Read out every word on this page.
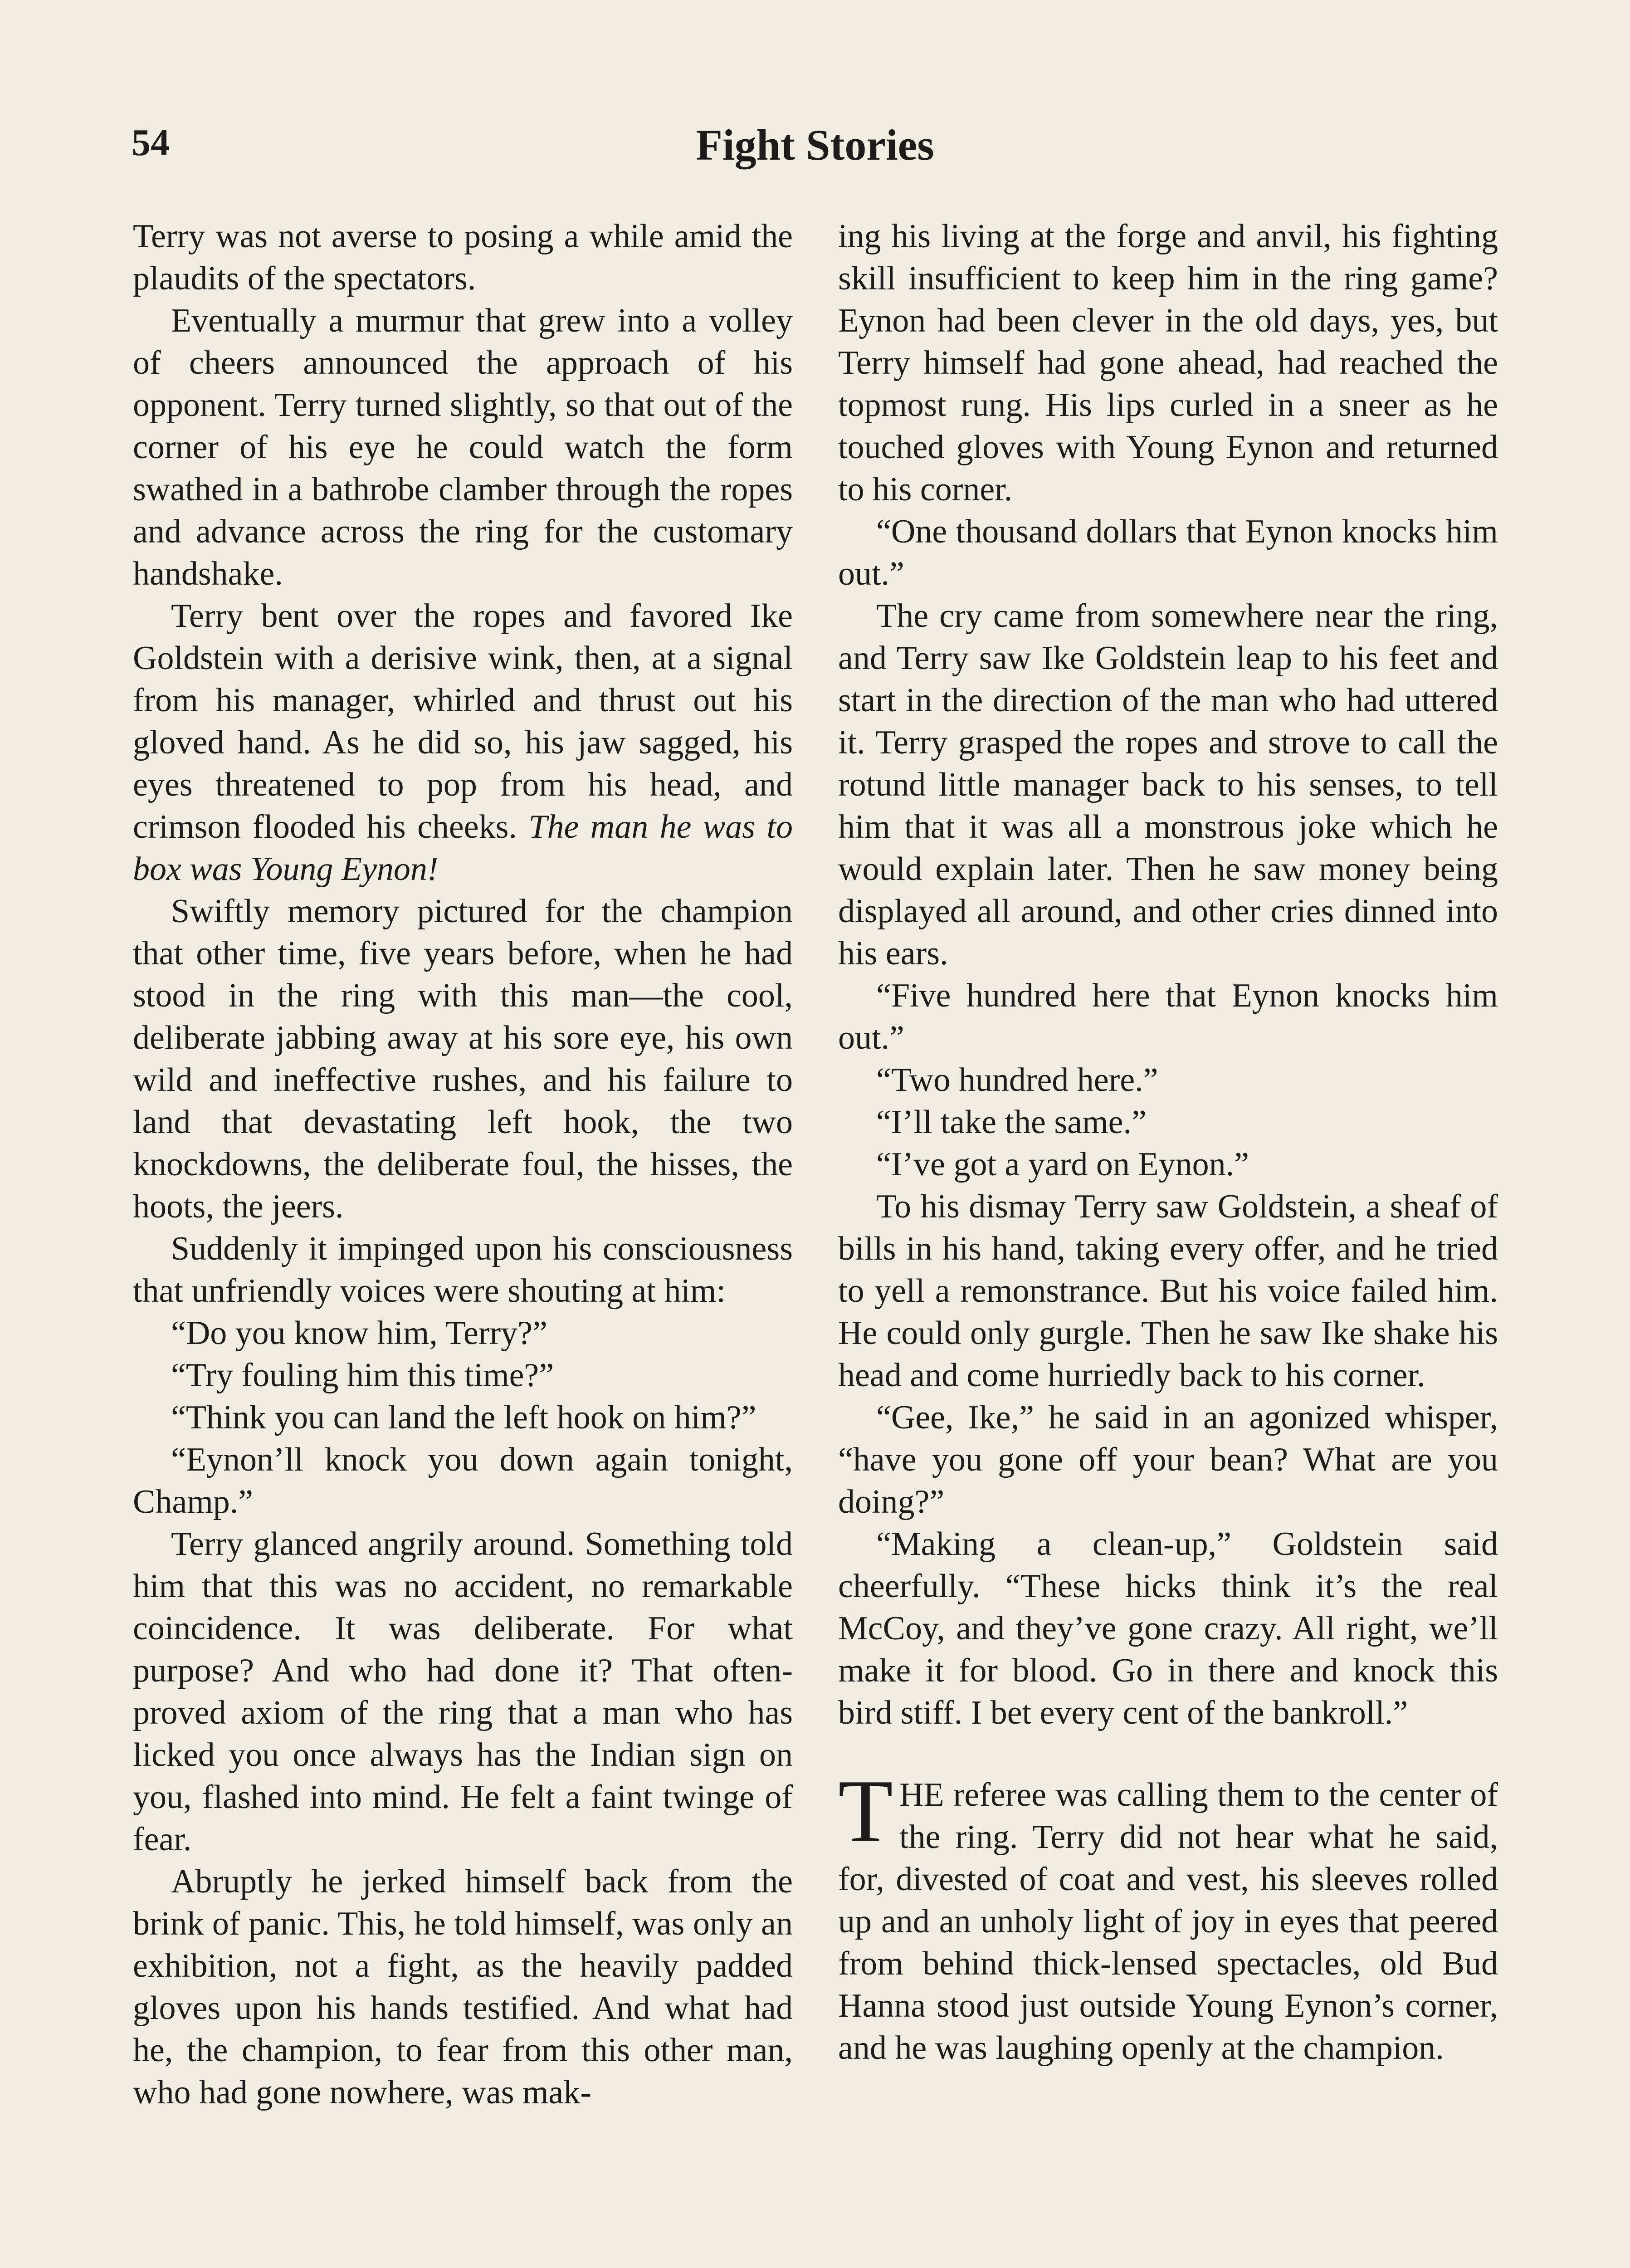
54	Fight Stories

Terry was not averse to posing a while amid the plaudits of the spectators.

Eventually a murmur that grew into a volley of cheers announced the approach of his opponent. Terry turned slightly, so that out of the corner of his eye he could watch the form swathed in a bathrobe clamber through the ropes and advance across the ring for the customary handshake.

Terry bent over the ropes and favored Ike Goldstein with a derisive wink, then, at a signal from his manager, whirled and thrust out his gloved hand. As he did so, his jaw sagged, his eyes threatened to pop from his head, and crimson flooded his cheeks. The man he was to box was Young Eynon!

Swiftly memory pictured for the champion that other time, five years before, when he had stood in the ring with this man—the cool, deliberate jabbing away at his sore eye, his own wild and ineffective rushes, and his failure to land that devastating left hook, the two knockdowns, the deliberate foul, the hisses, the hoots, the jeers.

Suddenly it impinged upon his consciousness that unfriendly voices were shouting at him:

“Do you know him, Terry?”

“Try fouling him this time?”

“Think you can land the left hook on him?”

“Eynon’ll knock you down again tonight, Champ.”

Terry glanced angrily around. Something told him that this was no accident, no remarkable coincidence. It was deliberate. For what purpose? And who had done it? That often-proved axiom of the ring that a man who has licked you once always has the Indian sign on you, flashed into mind. He felt a faint twinge of fear.

Abruptly he jerked himself back from the brink of panic. This, he told himself, was only an exhibition, not a fight, as the heavily padded gloves upon his hands testified. And what had he, the champion, to fear from this other man, who had gone nowhere, was mak-

ing his living at the forge and anvil, his fighting skill insufficient to keep him in the ring game? Eynon had been clever in the old days, yes, but Terry himself had gone ahead, had reached the topmost rung. His lips curled in a sneer as he touched gloves with Young Eynon and returned to his corner.

“One thousand dollars that Eynon knocks him out.”

The cry came from somewhere near the ring, and Terry saw Ike Goldstein leap to his feet and start in the direction of the man who had uttered it. Terry grasped the ropes and strove to call the rotund little manager back to his senses, to tell him that it was all a monstrous joke which he would explain later. Then he saw money being displayed all around, and other cries dinned into his ears.

“Five hundred here that Eynon knocks him out.”

“Two hundred here.”

“I’ll take the same.”

“I’ve got a yard on Eynon.”

To his dismay Terry saw Goldstein, a sheaf of bills in his hand, taking every offer, and he tried to yell a remonstrance. But his voice failed him. He could only gurgle. Then he saw Ike shake his head and come hurriedly back to his corner.

“Gee, Ike,” he said in an agonized whisper, “have you gone off your bean? What are you doing?”

“Making a clean-up,” Goldstein said cheerfully. “These hicks think it’s the real McCoy, and they’ve gone crazy. All right, we’ll make it for blood. Go in there and knock this bird stiff. I bet every cent of the bankroll.”

THE referee was calling them to the center of the ring. Terry did not hear what he said, for, divested of coat and vest, his sleeves rolled up and an unholy light of joy in eyes that peered from behind thick-lensed spectacles, old Bud Hanna stood just outside Young Eynon’s corner, and he was laughing openly at the champion.
